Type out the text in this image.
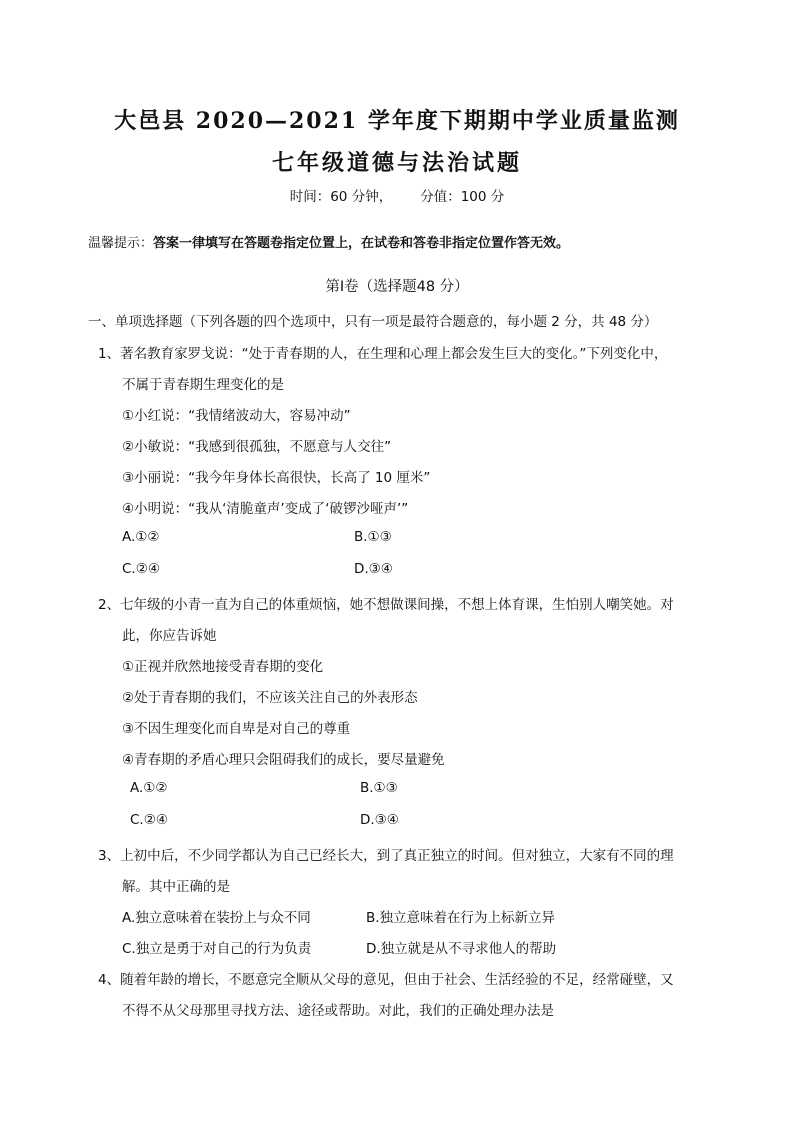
大邑县 2020—2021 学年度下期期中学业质量监测
七年级道德与法治试题
时间：60 分钟， 分值：100 分
温馨提示：答案一律填写在答题卷指定位置上，在试卷和答卷非指定位置作答无效。
第Ⅰ卷（选择题48 分）
一、单项选择题（下列各题的四个选项中，只有一项是最符合题意的，每小题 2 分，共 48 分）
1、著名教育家罗戈说：“处于青春期的人，在生理和心理上都会发生巨大的变化。”下列变化中，
不属于青春期生理变化的是
①小红说：“我情绪波动大，容易冲动”
②小敏说：“我感到很孤独，不愿意与人交往”
③小丽说：“我今年身体长高很快，长高了 10 厘米”
④小明说：“我从‘清脆童声’变成了‘破锣沙哑声’”
A.①②	B.①③
C.②④	D.③④
2、七年级的小青一直为自己的体重烦恼，她不想做课间操，不想上体育课，生怕别人嘲笑她。对
此，你应告诉她
①正视并欣然地接受青春期的变化
②处于青春期的我们，不应该关注自己的外表形态
③不因生理变化而自卑是对自己的尊重
④青春期的矛盾心理只会阻碍我们的成长，要尽量避免
A.①②	B.①③
C.②④	D.③④
3、上初中后，不少同学都认为自己已经长大，到了真正独立的时间。但对独立，大家有不同的理
解。其中正确的是
A.独立意味着在装扮上与众不同	B.独立意味着在行为上标新立异
C.独立是勇于对自己的行为负责	D.独立就是从不寻求他人的帮助
4、随着年龄的增长，不愿意完全顺从父母的意见，但由于社会、生活经验的不足，经常碰壁，又
不得不从父母那里寻找方法、途径或帮助。对此，我们的正确处理办法是
